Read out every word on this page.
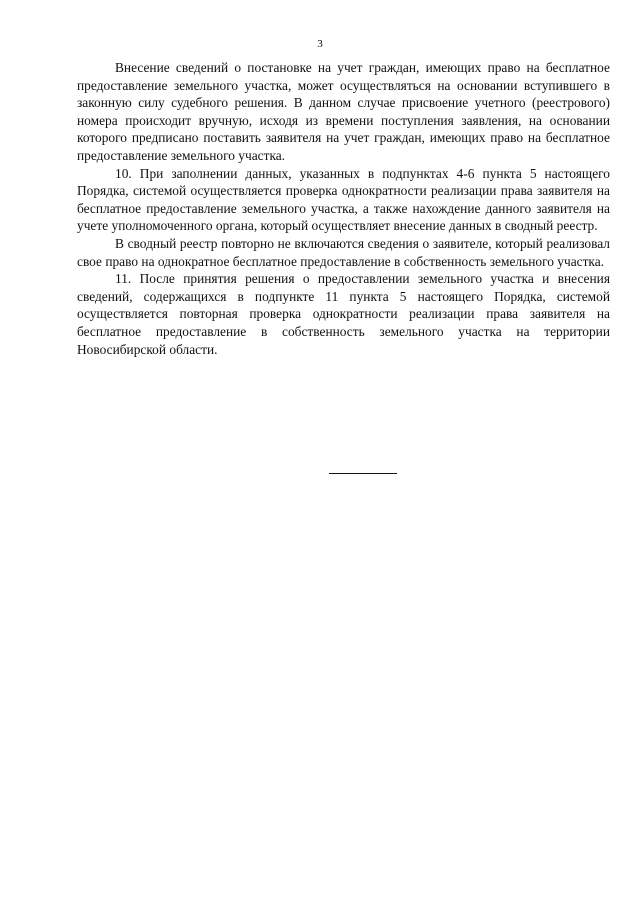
3

Внесение сведений о постановке на учет граждан, имеющих право на бесплатное предоставление земельного участка, может осуществляться на основании вступившего в законную силу судебного решения. В данном случае присвоение учетного (реестрового) номера происходит вручную, исходя из времени поступления заявления, на основании которого предписано поставить заявителя на учет граждан, имеющих право на бесплатное предоставление земельного участка.

10. При заполнении данных, указанных в подпунктах 4-6 пункта 5 настоящего Порядка, системой осуществляется проверка однократности реализации права заявителя на бесплатное предоставление земельного участка, а также нахождение данного заявителя на учете уполномоченного органа, который осуществляет внесение данных в сводный реестр.

В сводный реестр повторно не включаются сведения о заявителе, который реализовал свое право на однократное бесплатное предоставление в собственность земельного участка.

11. После принятия решения о предоставлении земельного участка и внесения сведений, содержащихся в подпункте 11 пункта 5 настоящего Порядка, системой осуществляется повторная проверка однократности реализации права заявителя на бесплатное предоставление в собственность земельного участка на территории Новосибирской области.
